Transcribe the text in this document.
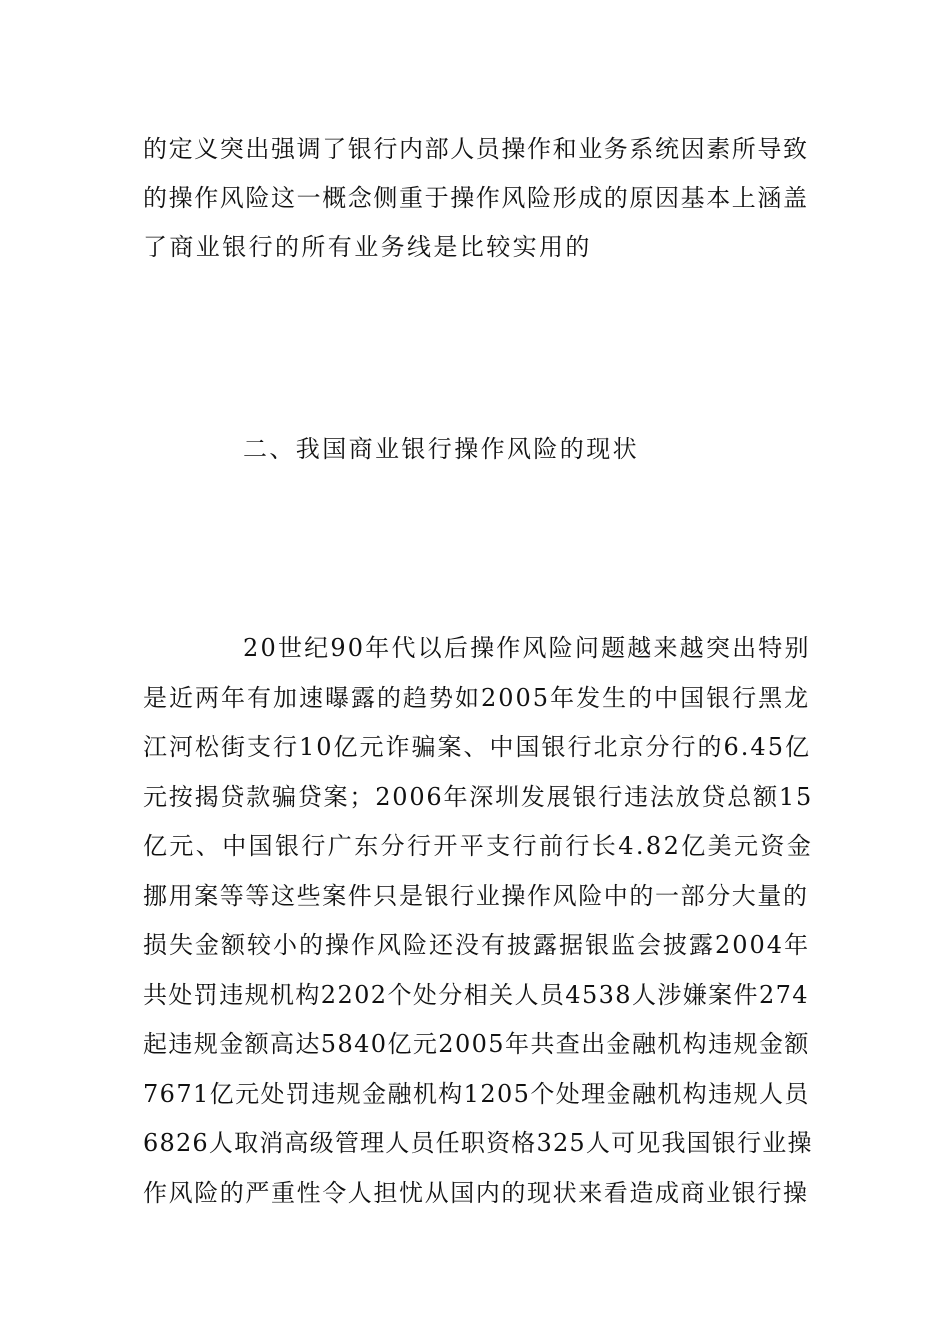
的定义突出强调了银行内部人员操作和业务系统因素所导致
的操作风险这一概念侧重于操作风险形成的原因基本上涵盖
了商业银行的所有业务线是比较实用的
二、我国商业银行操作风险的现状
20世纪90年代以后操作风险问题越来越突出特别
是近两年有加速曝露的趋势如2005年发生的中国银行黑龙
江河松街支行10亿元诈骗案、中国银行北京分行的6.45亿
元按揭贷款骗贷案；2006年深圳发展银行违法放贷总额15
亿元、中国银行广东分行开平支行前行长4.82亿美元资金
挪用案等等这些案件只是银行业操作风险中的一部分大量的
损失金额较小的操作风险还没有披露据银监会披露2004年
共处罚违规机构2202个处分相关人员4538人涉嫌案件274
起违规金额高达5840亿元2005年共查出金融机构违规金额
7671亿元处罚违规金融机构1205个处理金融机构违规人员
6826人取消高级管理人员任职资格325人可见我国银行业操
作风险的严重性令人担忧从国内的现状来看造成商业银行操
